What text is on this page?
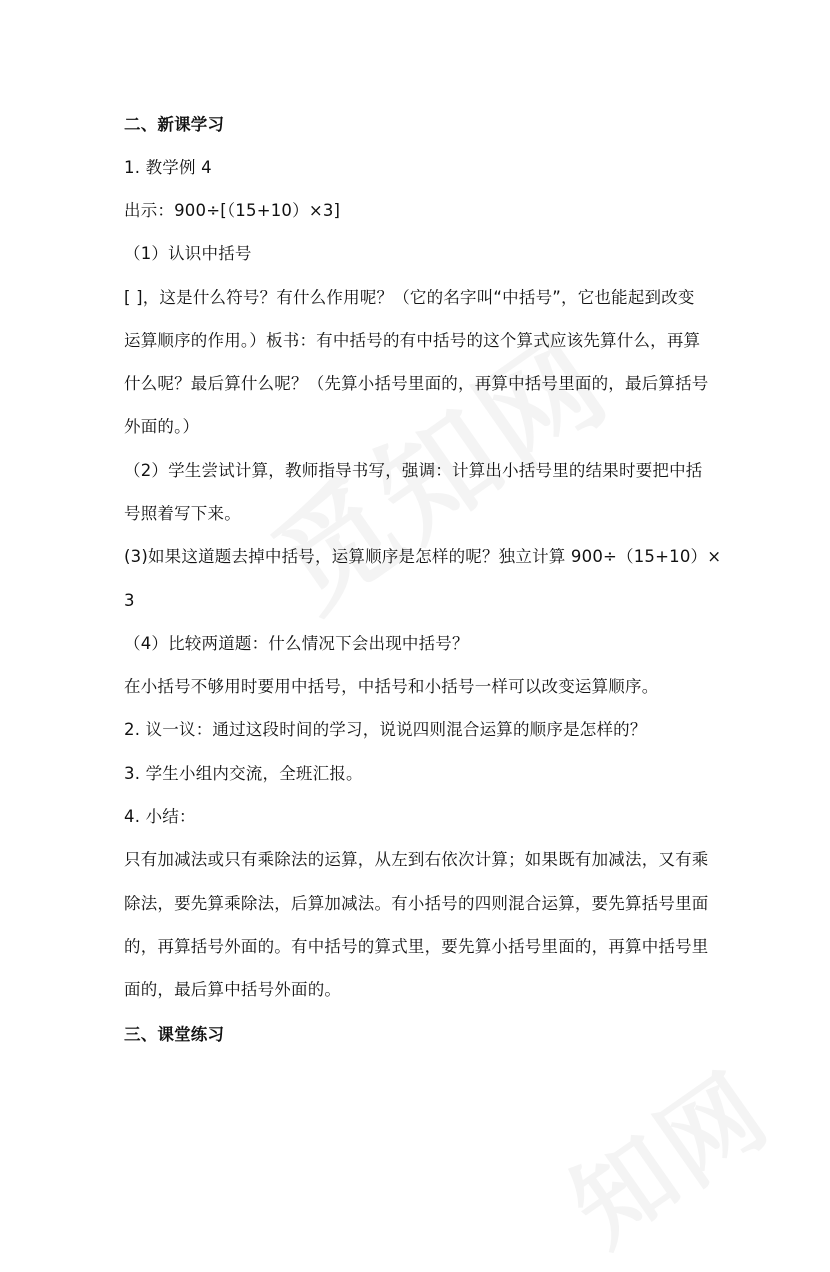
二、新课学习
1. 教学例 4
出示：900÷[（15+10）×3]
（1）认识中括号
[ ]，这是什么符号？有什么作用呢？（它的名字叫“中括号”，它也能起到改变
运算顺序的作用。）板书：有中括号的有中括号的这个算式应该先算什么，再算
什么呢？最后算什么呢？（先算小括号里面的，再算中括号里面的，最后算括号
外面的。）
（2）学生尝试计算，教师指导书写，强调：计算出小括号里的结果时要把中括
号照着写下来。
(3)如果这道题去掉中括号，运算顺序是怎样的呢？独立计算 900÷（15+10）×
3
（4）比较两道题：什么情况下会出现中括号？
在小括号不够用时要用中括号，中括号和小括号一样可以改变运算顺序。
2. 议一议：通过这段时间的学习，说说四则混合运算的顺序是怎样的？
3. 学生小组内交流，全班汇报。
4. 小结：
只有加减法或只有乘除法的运算，从左到右依次计算；如果既有加减法，又有乘
除法，要先算乘除法，后算加减法。有小括号的四则混合运算，要先算括号里面
的，再算括号外面的。有中括号的算式里，要先算小括号里面的，再算中括号里
面的，最后算中括号外面的。
三、课堂练习
